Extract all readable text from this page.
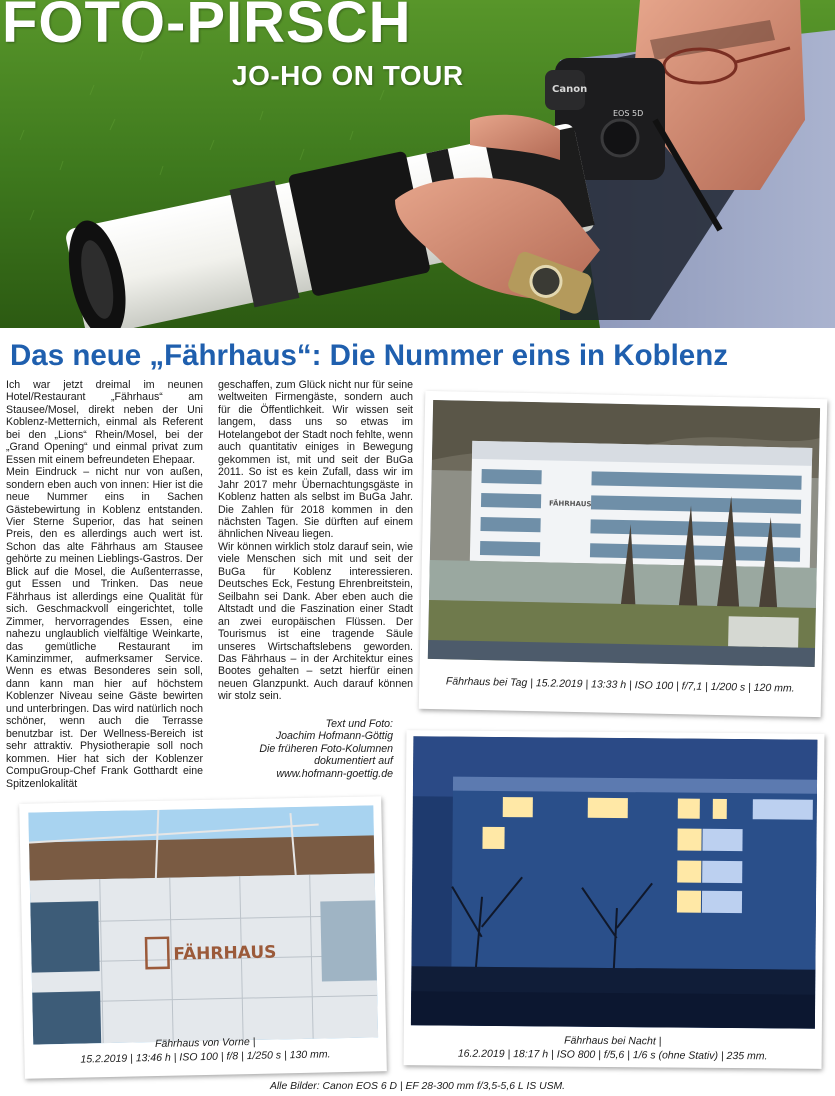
Canon
EOS 5D
FOTO-PIRSCH
JO-HO ON TOUR
Das neue „Fährhaus“: Die Nummer eins in Koblenz

Ich war jetzt dreimal im neunen Hotel/Restaurant „Fährhaus“ am Stausee/Mosel, direkt neben der Uni Koblenz-Metternich, einmal als Referent bei den „Lions“ Rhein/Mosel, bei der „Grand Opening“ und einmal privat zum Essen mit einem befreundeten Ehepaar.

Mein Eindruck – nicht nur von außen, sondern eben auch von innen: Hier ist die neue Nummer eins in Sachen Gästebewirtung in Koblenz entstanden. Vier Sterne Superior, das hat seinen Preis, den es allerdings auch wert ist. Schon das alte Fährhaus am Stausee gehörte zu meinen Lieblings-Gastros. Der Blick auf die Mosel, die Außenterrasse, gut Essen und Trinken. Das neue Fährhaus ist allerdings eine Qualität für sich. Geschmackvoll eingerichtet, tolle Zimmer, hervorragendes Essen, eine nahezu unglaublich vielfältige Weinkarte, das gemütliche Restaurant im Kaminzimmer, aufmerksamer Service. Wenn es etwas Besonderes sein soll, dann kann man hier auf höchstem Koblenzer Niveau seine Gäste bewirten und unterbringen. Das wird natürlich noch schöner, wenn auch die Terrasse benutzbar ist. Der Wellness-Bereich ist sehr attraktiv. Physiotherapie soll noch kommen. Hier hat sich der Koblenzer CompuGroup-Chef Frank Gotthardt eine Spitzenlokalität

geschaffen, zum Glück nicht nur für seine weltweiten Firmengäste, sondern auch für die Öffentlichkeit. Wir wissen seit langem, dass uns so etwas im Hotelangebot der Stadt noch fehlte, wenn auch quantitativ einiges in Bewegung gekommen ist, mit und seit der BuGa 2011. So ist es kein Zufall, dass wir im Jahr 2017 mehr Übernachtungsgäste in Koblenz hatten als selbst im BuGa Jahr. Die Zahlen für 2018 kommen in den nächsten Tagen. Sie dürften auf einem ähnlichen Niveau liegen.

Wir können wirklich stolz darauf sein, wie viele Menschen sich mit und seit der BuGa für Koblenz interessieren. Deutsches Eck, Festung Ehrenbreitstein, Seilbahn sei Dank. Aber eben auch die Altstadt und die Faszination einer Stadt an zwei europäischen Flüssen. Der Tourismus ist eine tragende Säule unseres Wirtschaftslebens geworden. Das Fährhaus – in der Architektur eines Bootes gehalten – setzt hierfür einen neuen Glanzpunkt. Auch darauf können wir stolz sein.

Text und Foto:
Joachim Hofmann-Göttig
Die früheren Foto-Kolumnen
dokumentiert auf
www.hofmann-goettig.de
FÄHRHAUS
Fährhaus bei Tag | 15.2.2019 | 13:33 h | ISO 100 | f/7,1 | 1/200 s | 120 mm.
FÄHRHAUS
Fährhaus von Vorne |
15.2.2019 | 13:46 h | ISO 100 | f/8 | 1/250 s | 130 mm.
Fährhaus bei Nacht |
16.2.2019 | 18:17 h | ISO 800 | f/5,6 | 1/6 s (ohne Stativ) | 235 mm.
Alle Bilder: Canon EOS 6 D | EF 28-300 mm f/3,5-5,6 L IS USM.
